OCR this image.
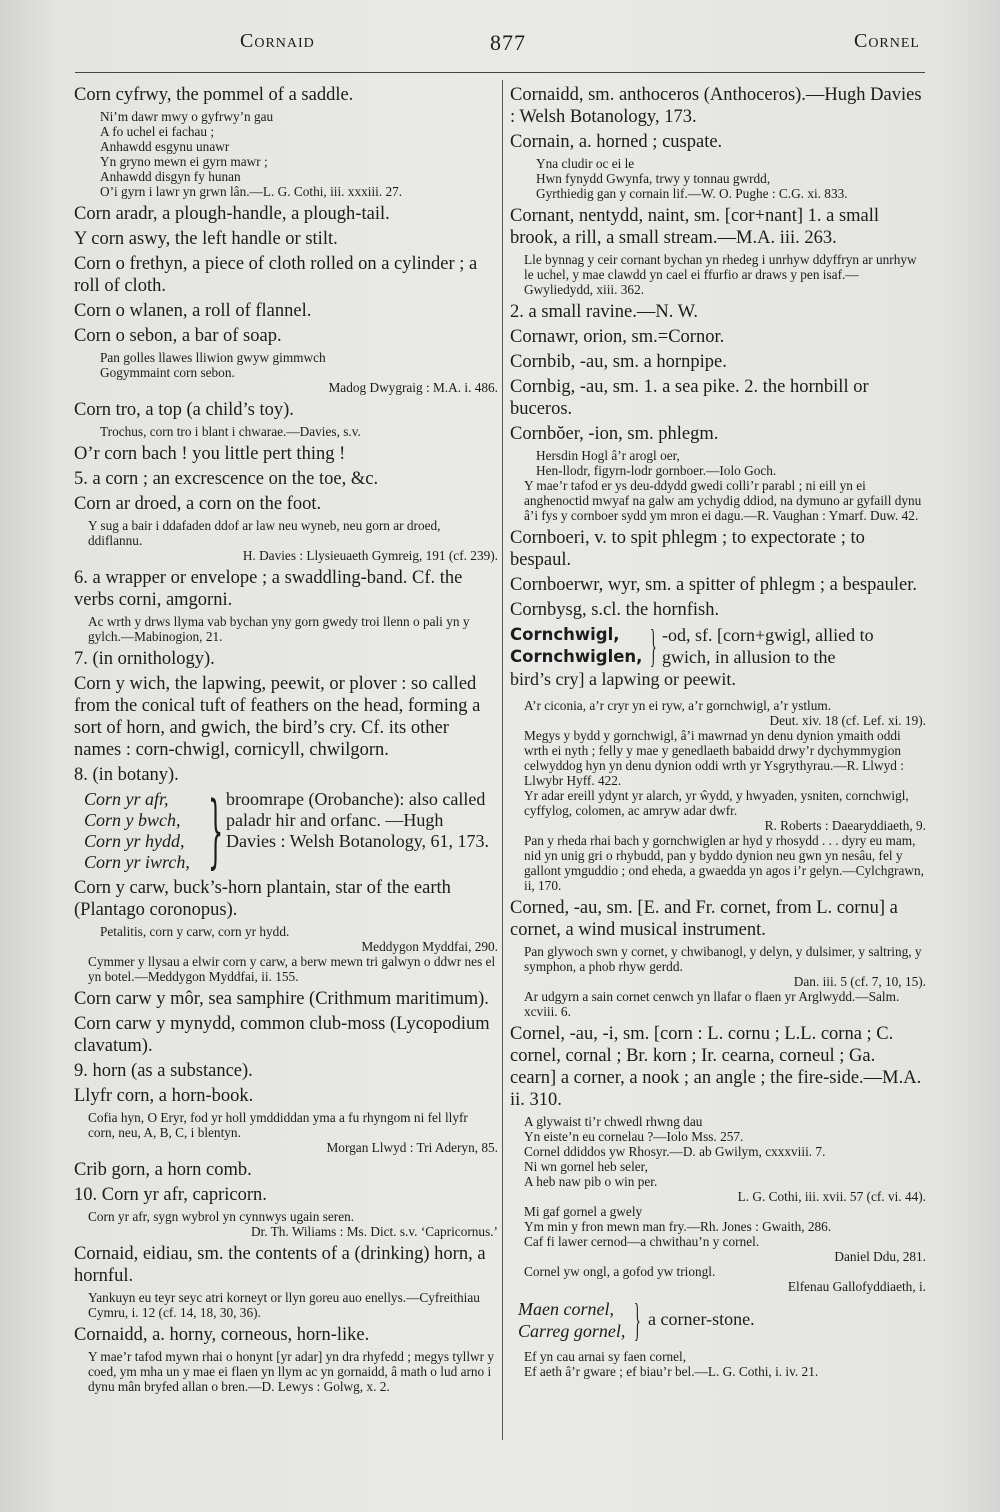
Cornaid	877	Cornel

Corn cyfrwy, the pommel of a saddle.

Ni’m dawr mwy o gyfrwy’n gau
A fo uchel ei fachau ;
Anhawdd esgynu unawr
Yn gryno mewn ei gyrn mawr ;
Anhawdd disgyn fy hunan
O’i gyrn i lawr yn grwn lân.—L. G. Cothi, iii. xxxiii. 27.

Corn aradr, a plough-handle, a plough-tail.

Y corn aswy, the left handle or stilt.

Corn o frethyn, a piece of cloth rolled on a cylinder ; a roll of cloth.

Corn o wlanen, a roll of flannel.

Corn o sebon, a bar of soap.

Pan golles llawes lliwion gwyw gimmwch
Gogymmaint corn sebon.
Madog Dwygraig : M.A. i. 486.

Corn tro, a top (a child’s toy).

Trochus, corn tro i blant i chwarae.—Davies, s.v.

O’r corn bach ! you little pert thing !

5. a corn ; an excrescence on the toe, &c.

Corn ar droed, a corn on the foot.

Y sug a bair i ddafaden ddof ar law neu wyneb, neu gorn ar droed, ddiflannu.
H. Davies : Llysieuaeth Gymreig, 191 (cf. 239).

6. a wrapper or envelope ; a swaddling-band. Cf. the verbs corni, amgorni.

Ac wrth y drws llyma vab bychan yny gorn gwedy troi llenn o pali yn y gylch.—Mabinogion, 21.

7. (in ornithology).

Corn y wich, the lapwing, peewit, or plover : so called from the conical tuft of feathers on the head, forming a sort of horn, and gwich, the bird’s cry. Cf. its other names : corn-chwigl, cornicyll, chwilgorn.

8. (in botany).

Corn yr afr,
Corn y bwch,
Corn yr hydd,
Corn yr iwrch, } broomrape (Orobanche): also called paladr hir and orfanc. —Hugh Davies : Welsh Botanology, 61, 173.

Corn y carw, buck’s-horn plantain, star of the earth (Plantago coronopus).

Petalitis, corn y carw, corn yr hydd.
Meddygon Myddfai, 290.
Cymmer y llysau a elwir corn y carw, a berw mewn tri galwyn o ddwr nes el yn botel.—Meddygon Myddfai, ii. 155.

Corn carw y môr, sea samphire (Crithmum maritimum).

Corn carw y mynydd, common club-moss (Lycopodium clavatum).

9. horn (as a substance).

Llyfr corn, a horn-book.

Cofia hyn, O Eryr, fod yr holl ymddiddan yma a fu rhyngom ni fel llyfr corn, neu, A, B, C, i blentyn.
Morgan Llwyd : Tri Aderyn, 85.

Crib gorn, a horn comb.

10. Corn yr afr, capricorn.

Corn yr afr, sygn wybrol yn cynnwys ugain seren.
Dr. Th. Wiliams : Ms. Dict. s.v. ‘Capricornus.’

Cornaid, eidiau, sm. the contents of a (drinking) horn, a hornful.

Yankuyn eu teyr seyc atri korneyt or llyn goreu auo enellys.—Cyfreithiau Cymru, i. 12 (cf. 14, 18, 30, 36).

Cornaidd, a. horny, corneous, horn-like.

Y mae’r tafod mywn rhai o honynt [yr adar] yn dra rhyfedd ; megys tyllwr y coed, ym mha un y mae ei flaen yn llym ac yn gornaidd, â math o lud arno i dynu mân bryfed allan o bren.—D. Lewys : Golwg, x. 2.

Cornaidd, sm. anthoceros (Anthoceros).—Hugh Davies : Welsh Botanology, 173.

Cornain, a. horned ; cuspate.

Yna cludir oc ei le
Hwn fynydd Gwynfa, trwy y tonnau gwrdd,
Gyrthiedig gan y cornain lif.—W. O. Pughe : C.G. xi. 833.

Cornant, nentydd, naint, sm. [cor+nant] 1. a small brook, a rill, a small stream.—M.A. iii. 263.

Lle bynnag y ceir cornant bychan yn rhedeg i unrhyw ddyffryn ar unrhyw le uchel, y mae clawdd yn cael ei ffurfio ar draws y pen isaf.—Gwyliedydd, xiii. 362.

2. a small ravine.—N. W.

Cornawr, orion, sm.=Cornor.

Cornbib, -au, sm. a hornpipe.

Cornbig, -au, sm. 1. a sea pike. 2. the hornbill or buceros.

Cornbŏer, -ion, sm. phlegm.

Hersdin Hogl â’r arogl oer,
Hen-llodr, figyrn-lodr gornboer.—Iolo Goch.
Y mae’r tafod er ys deu-ddydd gwedi colli’r parabl ; ni eill yn ei anghenoctid mwyaf na galw am ychydig ddiod, na dymuno ar gyfaill dynu â’i fys y cornboer sydd ym mron ei dagu.—R. Vaughan : Ymarf. Duw. 42.

Cornboeri, v. to spit phlegm ; to expectorate ; to bespaul.

Cornboerwr, wyr, sm. a spitter of phlegm ; a bespauler.

Cornbysg, s.cl. the hornfish.

Cornchwigl,
Cornchwiglen, } -od, sf. [corn+gwigl, allied to gwich, in allusion to the
bird’s cry] a lapwing or peewit.
A’r ciconia, a’r cryr yn ei ryw, a’r gornchwigl, a’r ystlum.
Deut. xiv. 18 (cf. Lef. xi. 19).
Megys y bydd y gornchwigl, â’i mawrnad yn denu dynion ymaith oddi wrth ei nyth ; felly y mae y genedlaeth babaidd drwy’r dychymmygion celwyddog hyn yn denu dynion oddi wrth yr Ysgrythyrau.—R. Llwyd : Llwybr Hyff. 422.
Yr adar ereill ydynt yr alarch, yr ŵydd, y hwyaden, ysniten, cornchwigl, cyffylog, colomen, ac amryw adar dwfr.
R. Roberts : Daearyddiaeth, 9.
Pan y rheda rhai bach y gornchwiglen ar hyd y rhosydd . . . dyry eu mam, nid yn unig gri o rhybudd, pan y byddo dynion neu gwn yn nesâu, fel y gallont ymguddio ; ond eheda, a gwaedda yn agos i’r gelyn.—Cylchgrawn, ii, 170.

Corned, -au, sm. [E. and Fr. cornet, from L. cornu] a cornet, a wind musical instrument.

Pan glywoch swn y cornet, y chwibanogl, y delyn, y dulsimer, y saltring, y symphon, a phob rhyw gerdd.
Dan. iii. 5 (cf. 7, 10, 15).
Ar udgyrn a sain cornet cenwch yn llafar o flaen yr Arglwydd.—Salm. xcviii. 6.

Cornel, -au, -i, sm. [corn : L. cornu ; L.L. corna ; C. cornel, cornal ; Br. korn ; Ir. cearna, corneul ; Ga. cearn] a corner, a nook ; an angle ; the fire-side.—M.A. ii. 310.

A glywaist ti’r chwedl rhwng dau
Yn eiste’n eu cornelau ?—Iolo Mss. 257.
Cornel ddiddos yw Rhosyr.—D. ab Gwilym, cxxxviii. 7.
Ni wn gornel heb seler,
A heb naw pib o win per.
L. G. Cothi, iii. xvii. 57 (cf. vi. 44).
Mi gaf gornel a gwely
Ym min y fron mewn man fry.—Rh. Jones : Gwaith, 286.
Caf fi lawer cernod—a chwithau’n y cornel.
Daniel Ddu, 281.
Cornel yw ongl, a gofod yw triongl.
Elfenau Gallofyddiaeth, i.
Maen cornel,
Carreg gornel, } a corner-stone.
Ef yn cau arnai sy faen cornel,
Ef aeth â’r gware ; ef biau’r bel.—L. G. Cothi, i. iv. 21.
